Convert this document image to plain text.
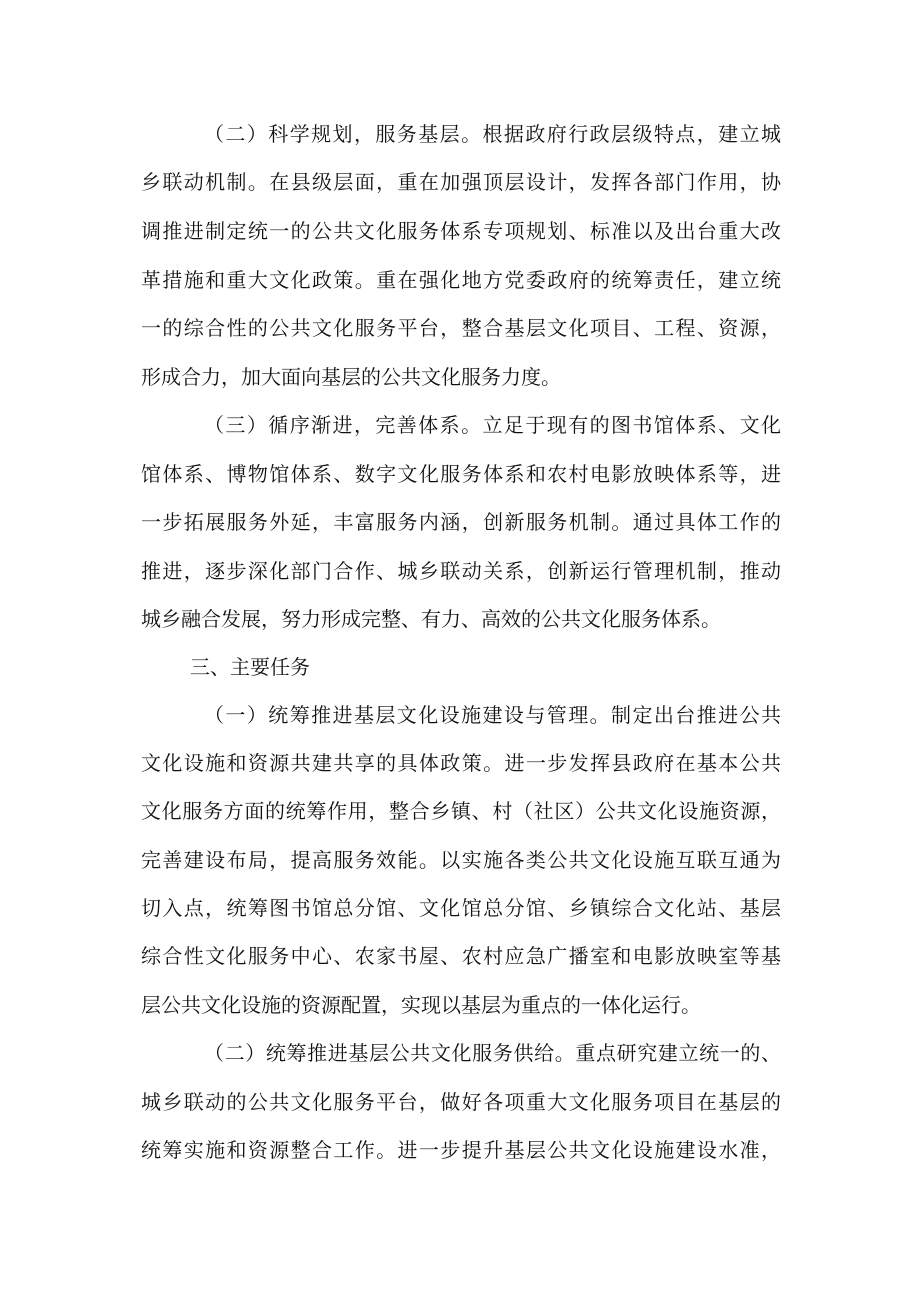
（二）科学规划，服务基层。根据政府行政层级特点，建立城
乡联动机制。在县级层面，重在加强顶层设计，发挥各部门作用，协
调推进制定统一的公共文化服务体系专项规划、标准以及出台重大改
革措施和重大文化政策。重在强化地方党委政府的统筹责任，建立统
一的综合性的公共文化服务平台，整合基层文化项目、工程、资源，
形成合力，加大面向基层的公共文化服务力度。
（三）循序渐进，完善体系。立足于现有的图书馆体系、文化
馆体系、博物馆体系、数字文化服务体系和农村电影放映体系等，进
一步拓展服务外延，丰富服务内涵，创新服务机制。通过具体工作的
推进，逐步深化部门合作、城乡联动关系，创新运行管理机制，推动
城乡融合发展，努力形成完整、有力、高效的公共文化服务体系。
三、主要任务
（一）统筹推进基层文化设施建设与管理。制定出台推进公共
文化设施和资源共建共享的具体政策。进一步发挥县政府在基本公共
文化服务方面的统筹作用，整合乡镇、村（社区）公共文化设施资源，
完善建设布局，提高服务效能。以实施各类公共文化设施互联互通为
切入点，统筹图书馆总分馆、文化馆总分馆、乡镇综合文化站、基层
综合性文化服务中心、农家书屋、农村应急广播室和电影放映室等基
层公共文化设施的资源配置，实现以基层为重点的一体化运行。
（二）统筹推进基层公共文化服务供给。重点研究建立统一的、
城乡联动的公共文化服务平台，做好各项重大文化服务项目在基层的
统筹实施和资源整合工作。进一步提升基层公共文化设施建设水准，
